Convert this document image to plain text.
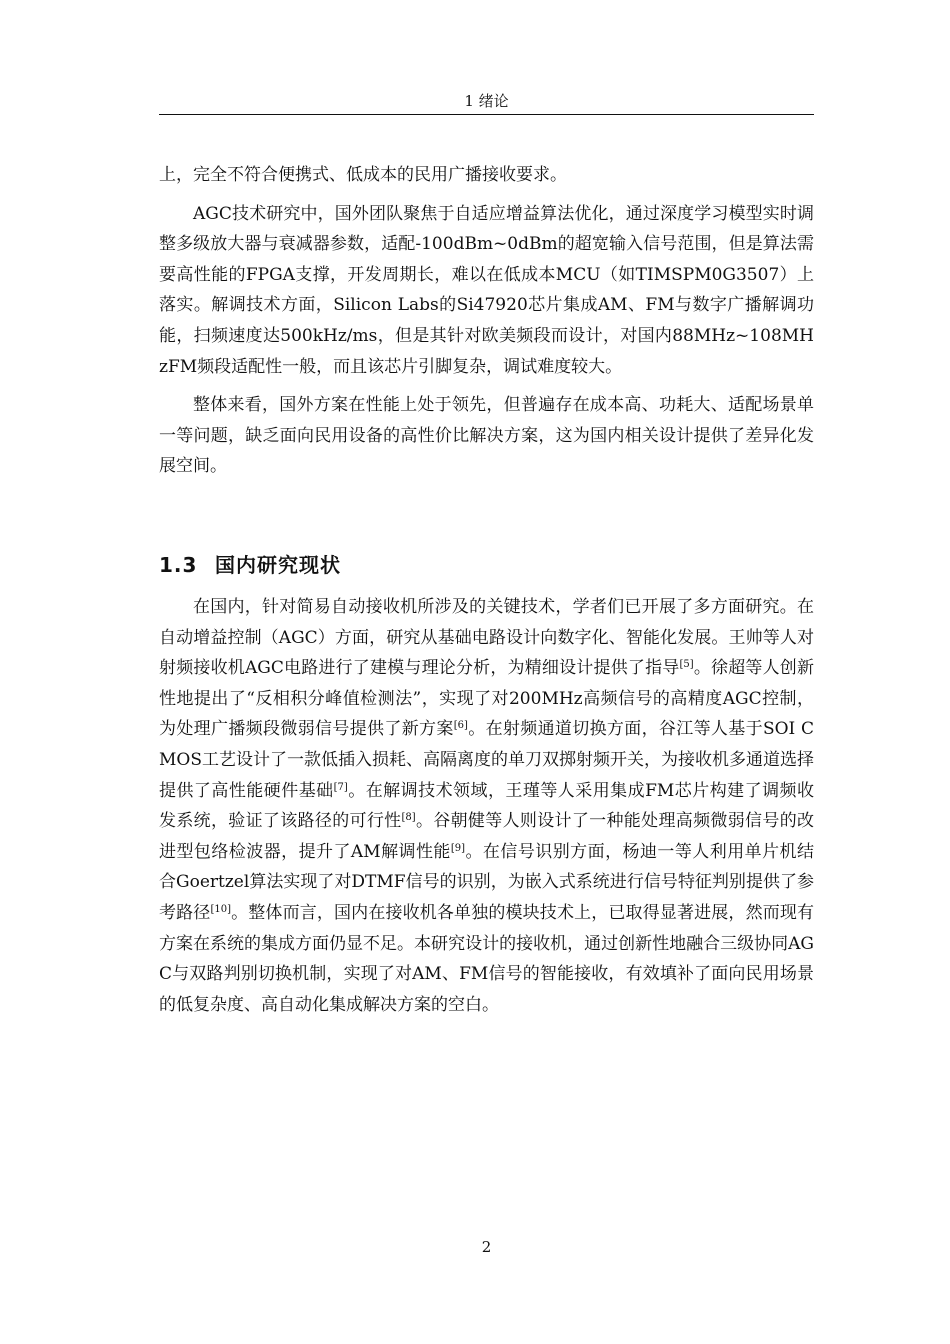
1 绪论

上，完全不符合便携式、低成本的民用广播接收要求。

AGC技术研究中，国外团队聚焦于自适应增益算法优化，通过深度学习模型实时调整多级放大器与衰减器参数，适配-100dBm~0dBm的超宽输入信号范围，但是算法需要高性能的FPGA支撑，开发周期长，难以在低成本MCU（如TIMSPM0G3507）上落实。解调技术方面，Silicon Labs的Si47920芯片集成AM、FM与数字广播解调功能，扫频速度达500kHz/ms，但是其针对欧美频段而设计，对国内88MHz~108MHzFM频段适配性一般，而且该芯片引脚复杂，调试难度较大。

整体来看，国外方案在性能上处于领先，但普遍存在成本高、功耗大、适配场景单一等问题，缺乏面向民用设备的高性价比解决方案，这为国内相关设计提供了差异化发展空间。

1.3 国内研究现状

在国内，针对简易自动接收机所涉及的关键技术，学者们已开展了多方面研究。在自动增益控制（AGC）方面，研究从基础电路设计向数字化、智能化发展。王帅等人对射频接收机AGC电路进行了建模与理论分析，为精细设计提供了指导[5]。徐超等人创新性地提出了“反相积分峰值检测法”，实现了对200MHz高频信号的高精度AGC控制，为处理广播频段微弱信号提供了新方案[6]。在射频通道切换方面，谷江等人基于SOI CMOS工艺设计了一款低插入损耗、高隔离度的单刀双掷射频开关，为接收机多通道选择提供了高性能硬件基础[7]。在解调技术领域，王瑾等人采用集成FM芯片构建了调频收发系统，验证了该路径的可行性[8]。谷朝健等人则设计了一种能处理高频微弱信号的改进型包络检波器，提升了AM解调性能[9]。在信号识别方面，杨迪一等人利用单片机结合Goertzel算法实现了对DTMF信号的识别，为嵌入式系统进行信号特征判别提供了参考路径[10]。整体而言，国内在接收机各单独的模块技术上，已取得显著进展，然而现有方案在系统的集成方面仍显不足。本研究设计的接收机，通过创新性地融合三级协同AGC与双路判别切换机制，实现了对AM、FM信号的智能接收，有效填补了面向民用场景的低复杂度、高自动化集成解决方案的空白。

2
